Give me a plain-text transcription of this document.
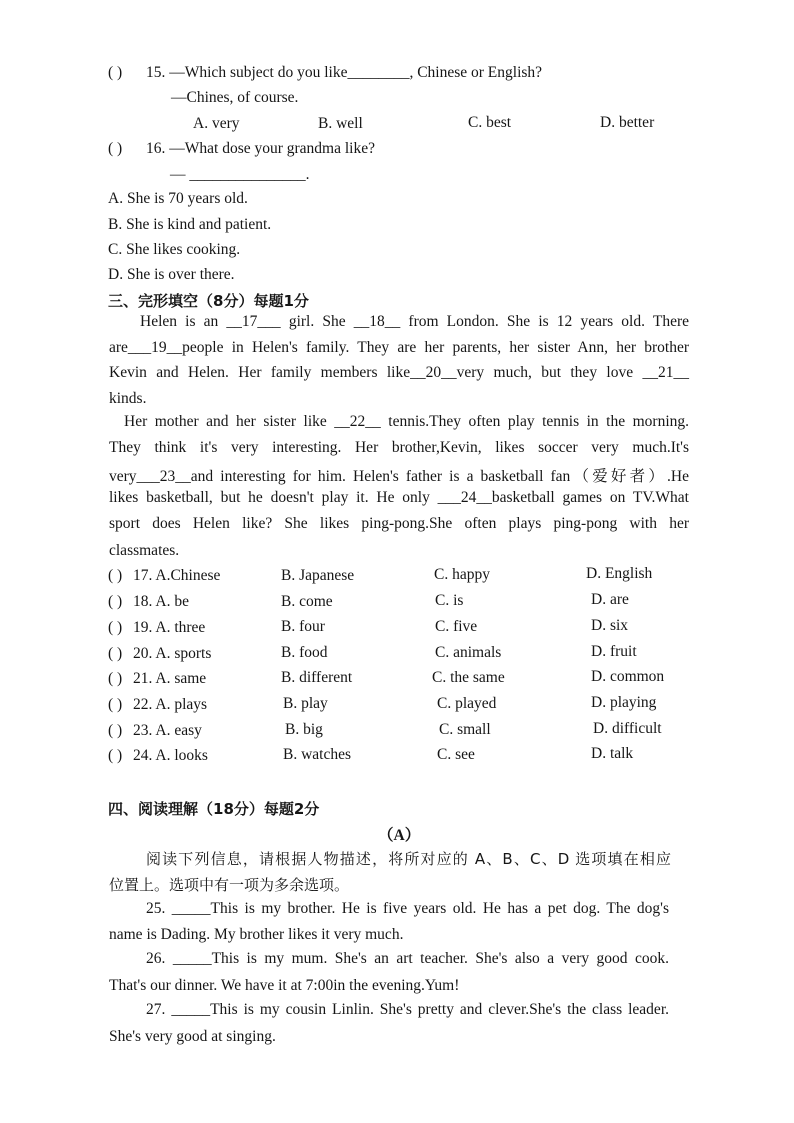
( ) 15. —Which subject do you like________, Chinese or English?
—Chines, of course.
A. very	B. well	C. best	D. better
( ) 16. —What dose your grandma like?
— _______________.
A. She is 70 years old.
B. She is kind and patient.
C. She likes cooking.
D. She is over there.
三、完形填空（8分）每题1分
Helen is an __17___ girl. She __18__ from London. She is 12 years old. There
are___19__people in Helen's family. They are her parents, her sister Ann, her brother
Kevin and Helen. Her family members like__20__very much, but they love __21__
kinds.
Her mother and her sister like __22__ tennis.They often play tennis in the morning.
They think it's very interesting. Her brother,Kevin, likes soccer very much.It's
very___23__and interesting for him. Helen's father is a basketball fan（爱好者）.He
likes basketball, but he doesn't play it. He only ___24__basketball games on TV.What
sport does Helen like? She likes ping-pong.She often plays ping-pong with her
classmates.
( ) 17. A.Chinese	B. Japanese	C. happy	D. English
( ) 18. A. be	B. come	C. is	D. are
( ) 19. A. three	B. four	C. five	D. six
( ) 20. A. sports	B. food	C. animals	D. fruit
( ) 21. A. same	B. different	C. the same	D. common
( ) 22. A. plays	B. play	C. played	D. playing
( ) 23. A. easy	B. big	C. small	D. difficult
( ) 24. A. looks	B. watches	C. see	D. talk
四、阅读理解（18分）每题2分
（A）
阅读下列信息，请根据人物描述，将所对应的 A、B、C、D 选项填在相应
位置上。选项中有一项为多余选项。
25. _____This is my brother. He is five years old. He has a pet dog. The dog's
name is Dading. My brother likes it very much.
26. _____This is my mum. She's an art teacher. She's also a very good cook.
That's our dinner. We have it at 7:00in the evening.Yum!
27. _____This is my cousin Linlin. She's pretty and clever.She's the class leader.
She's very good at singing.
